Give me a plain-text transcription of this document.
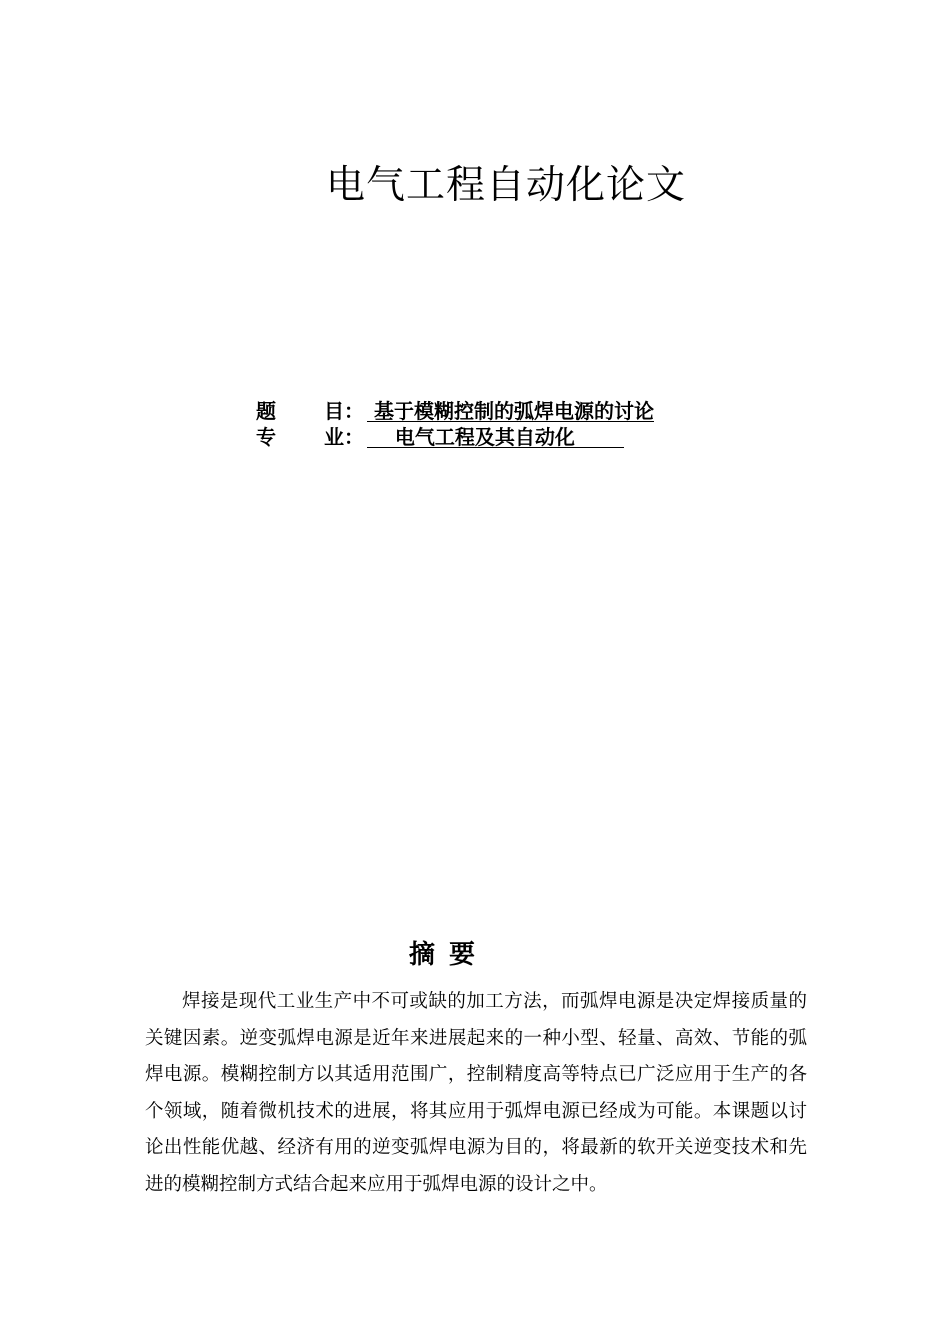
电气工程自动化论文
题	目： 基于模糊控制的弧焊电源的讨论
专	业： 电气工程及其自动化
摘要

焊接是现代工业生产中不可或缺的加工方法，而弧焊电源是决定焊接质量的关键因素。逆变弧焊电源是近年来进展起来的一种小型、轻量、高效、节能的弧焊电源。模糊控制方以其适用范围广，控制精度高等特点已广泛应用于生产的各个领域，随着微机技术的进展，将其应用于弧焊电源已经成为可能。本课题以讨论出性能优越、经济有用的逆变弧焊电源为目的，将最新的软开关逆变技术和先进的模糊控制方式结合起来应用于弧焊电源的设计之中。
